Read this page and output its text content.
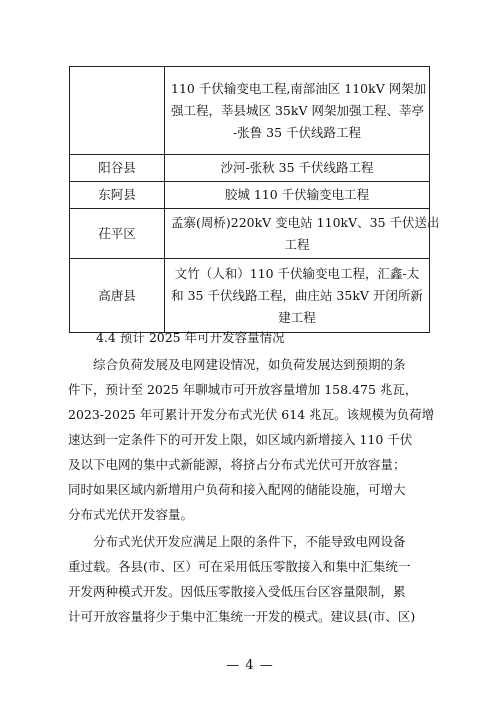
	110 千伏输变电工程,南部油区 110kV 网架加
强工程，莘县城区 35kV 网架加强工程、莘亭
-张鲁 35 千伏线路工程

阳谷县	沙河-张秋 35 千伏线路工程

东阿县	胶城 110 千伏输变电工程

茌平区	孟寨(周桥)220kV 变电站 110kV、35 千伏送出
工程

高唐县	文竹（人和）110 千伏输变电工程，汇鑫-太
和 35 千伏线路工程，曲庄站 35kV 开闭所新
建工程
4.4 预计 2025 年可开发容量情况
　　综合负荷发展及电网建设情况，如负荷发展达到预期的条
件下，预计至 2025 年聊城市可开放容量增加 158.475 兆瓦，
2023-2025 年可累计开发分布式光伏 614 兆瓦。该规模为负荷增
速达到一定条件下的可开发上限，如区域内新增接入 110 千伏
及以下电网的集中式新能源，将挤占分布式光伏可开放容量；
同时如果区域内新增用户负荷和接入配网的储能设施，可增大
分布式光伏开发容量。
　　分布式光伏开发应满足上限的条件下，不能导致电网设备
重过载。各县(市、区）可在采用低压零散接入和集中汇集统一
开发两种模式开发。因低压零散接入受低压台区容量限制，累
计可开放容量将少于集中汇集统一开发的模式。建议县(市、区)
— 4 —
